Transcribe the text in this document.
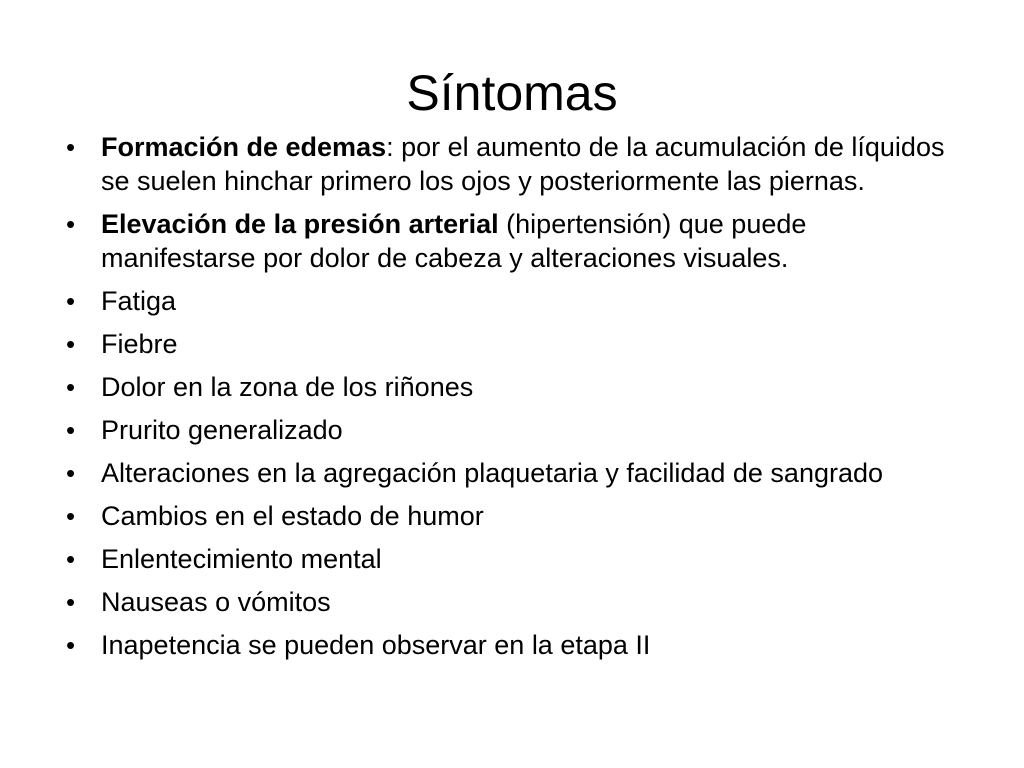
Síntomas
• Formación de edemas: por el aumento de la acumulación de líquidos se suelen hinchar primero los ojos y posteriormente las piernas.
• Elevación de la presión arterial (hipertensión) que puede manifestarse por dolor de cabeza y alteraciones visuales.
• Fatiga
• Fiebre
• Dolor en la zona de los riñones
• Prurito generalizado
• Alteraciones en la agregación plaquetaria y facilidad de sangrado
• Cambios en el estado de humor
• Enlentecimiento mental
• Nauseas o vómitos
• Inapetencia se pueden observar en la etapa II
